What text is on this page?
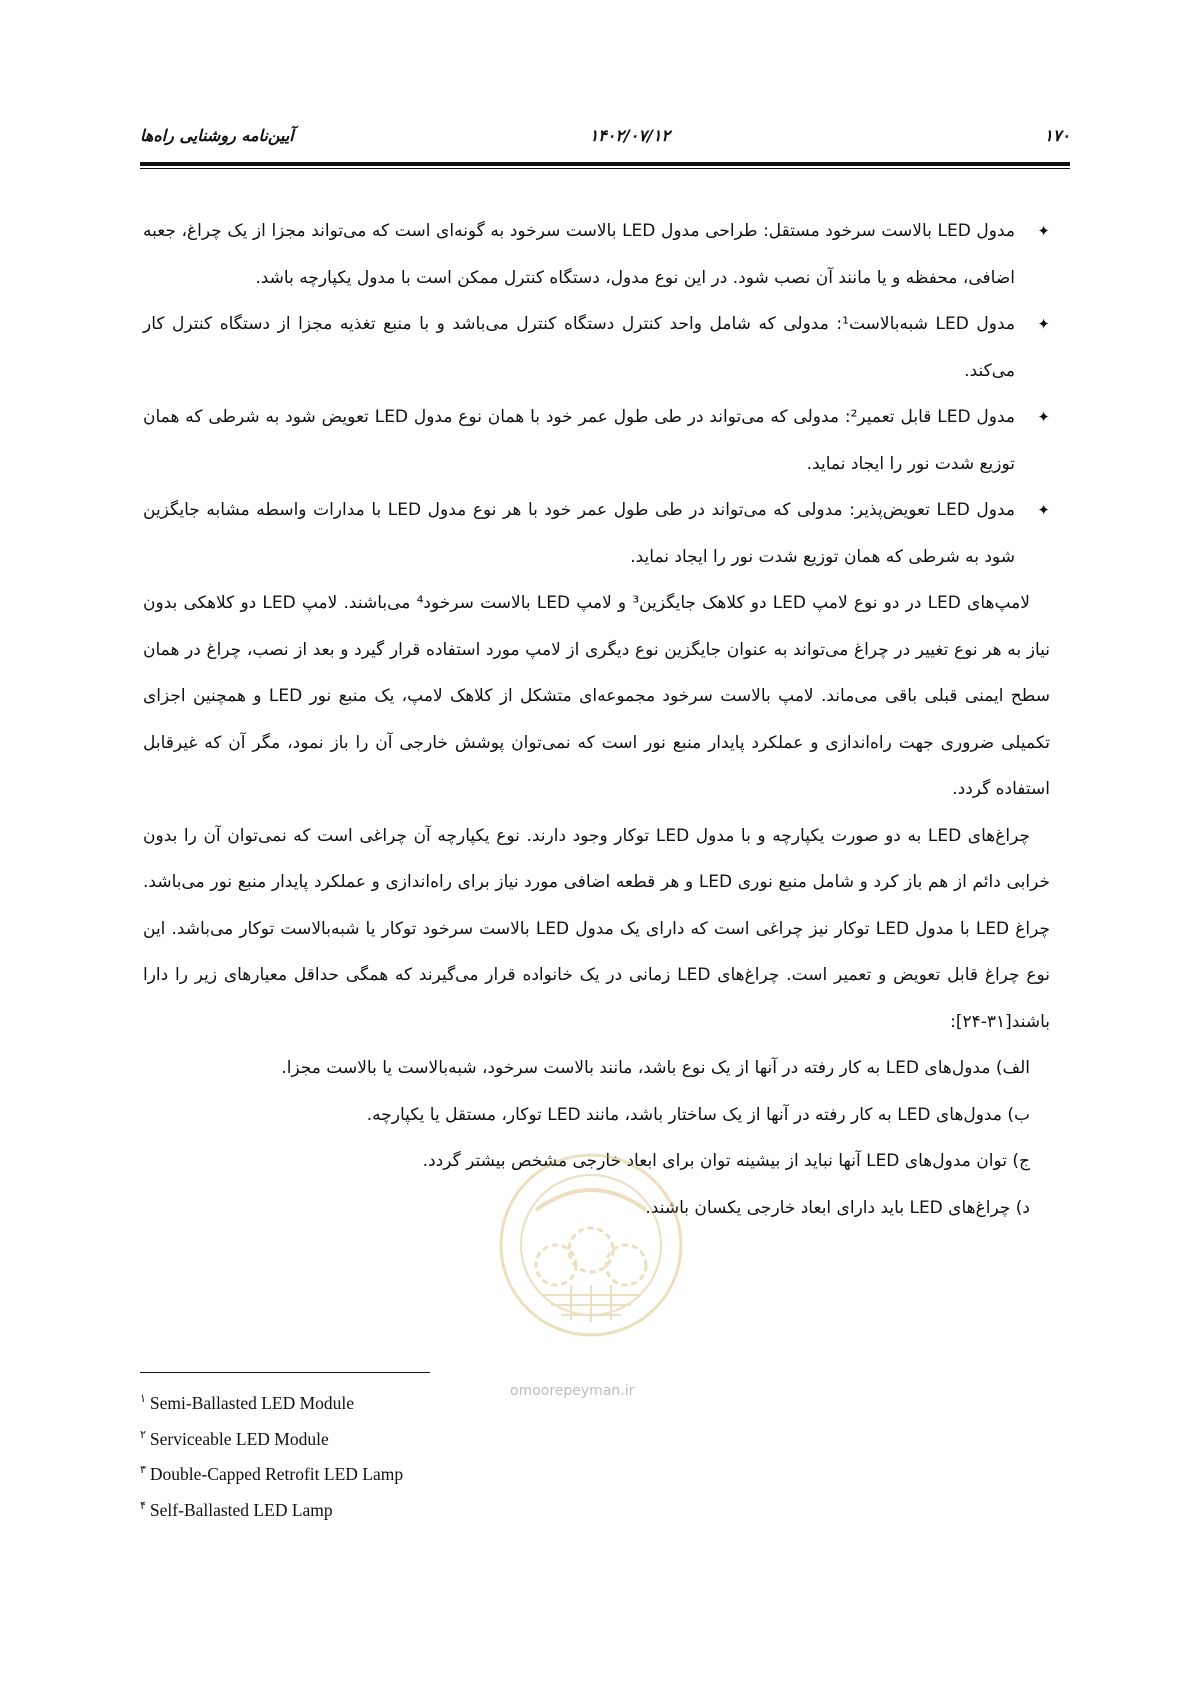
۱۷۰
۱۴۰۲/۰۷/۱۲
آیین‌نامه روشنایی راه‌ها
✦
مدول LED بالاست سرخود مستقل: طراحی مدول LED بالاست سرخود به گونه‌ای است که می‌تواند مجزا از یک چراغ، جعبه اضافی، محفظه و یا مانند آن نصب شود. در این نوع مدول، دستگاه کنترل ممکن است با مدول یکپارچه باشد.
✦
مدول LED شبه‌بالاست¹: مدولی که شامل واحد کنترل دستگاه کنترل می‌باشد و با منبع تغذیه مجزا از دستگاه کنترل کار می‌کند.
✦
مدول LED قابل تعمیر²: مدولی که می‌تواند در طی طول عمر خود با همان نوع مدول LED تعویض شود به شرطی که همان توزیع شدت نور را ایجاد نماید.
✦
مدول LED تعویض‌پذیر: مدولی که می‌تواند در طی طول عمر خود با هر نوع مدول LED با مدارات واسطه مشابه جایگزین شود به شرطی که همان توزیع شدت نور را ایجاد نماید.
لامپ‌های LED در دو نوع لامپ LED دو کلاهک جایگزین³ و لامپ LED بالاست سرخود⁴ می‌باشند. لامپ LED دو کلاهکی بدون نیاز به هر نوع تغییر در چراغ می‌تواند به عنوان جایگزین نوع دیگری از لامپ مورد استفاده قرار گیرد و بعد از نصب، چراغ در همان سطح ایمنی قبلی باقی می‌ماند. لامپ بالاست سرخود مجموعه‌ای متشکل از کلاهک لامپ، یک منبع نور LED و همچنین اجزای تکمیلی ضروری جهت راه‌اندازی و عملکرد پایدار منبع نور است که نمی‌توان پوشش خارجی آن را باز نمود، مگر آن که غیرقابل استفاده گردد.
چراغ‌های LED به دو صورت یکپارچه و با مدول LED توکار وجود دارند. نوع یکپارچه آن چراغی است که نمی‌توان آن را بدون خرابی دائم از هم باز کرد و شامل منبع نوری LED و هر قطعه اضافی مورد نیاز برای راه‌اندازی و عملکرد پایدار منبع نور می‌باشد. چراغ LED با مدول LED توکار نیز چراغی است که دارای یک مدول LED بالاست سرخود توکار یا شبه‌بالاست توکار می‌باشد. این نوع چراغ قابل تعویض و تعمیر است. چراغ‌های LED زمانی در یک خانواده قرار می‌گیرند که همگی حداقل معیارهای زیر را دارا باشند[۳۱-۲۴]:
الف) مدول‌های LED به کار رفته در آنها از یک نوع باشد، مانند بالاست سرخود، شبه‌بالاست یا بالاست مجزا.
ب) مدول‌های LED به کار رفته در آنها از یک ساختار باشد، مانند LED توکار، مستقل یا یکپارچه.
ج) توان مدول‌های LED آنها نباید از بیشینه توان برای ابعاد خارجی مشخص بیشتر گردد.
د) چراغ‌های LED باید دارای ابعاد خارجی یکسان باشند.
omoorepeyman.ir
$^۱$ Semi-Ballasted LED Module
$^۲$ Serviceable LED Module
$^۳$ Double-Capped Retrofit LED Lamp
$^۴$ Self-Ballasted LED Lamp
